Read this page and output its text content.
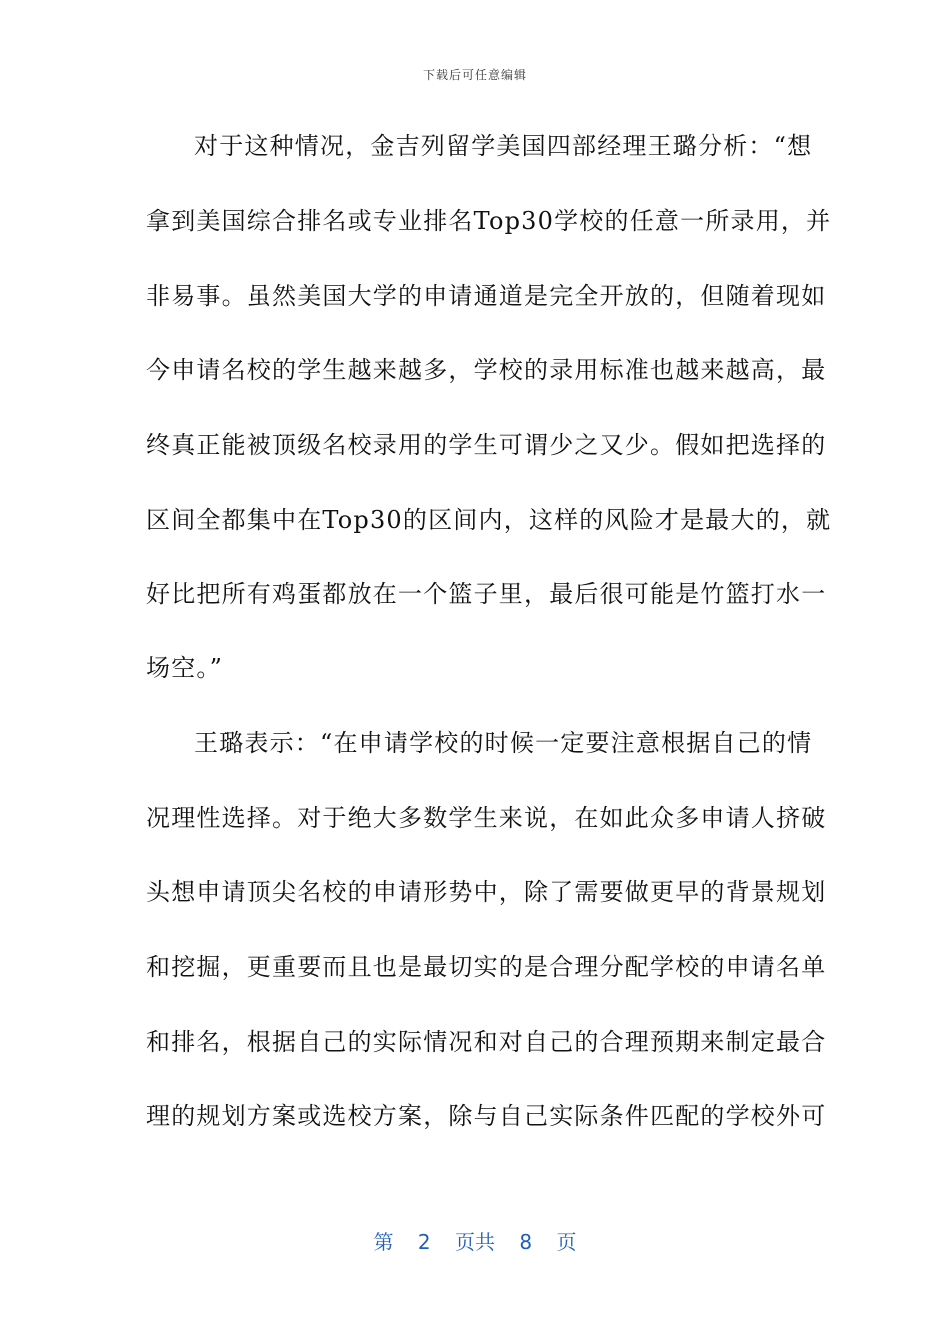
下载后可任意编辑
对于这种情况，金吉列留学美国四部经理王璐分析：“想
拿到美国综合排名或专业排名Top30学校的任意一所录用，并
非易事。虽然美国大学的申请通道是完全开放的，但随着现如
今申请名校的学生越来越多，学校的录用标准也越来越高，最
终真正能被顶级名校录用的学生可谓少之又少。假如把选择的
区间全都集中在Top30的区间内，这样的风险才是最大的，就
好比把所有鸡蛋都放在一个篮子里，最后很可能是竹篮打水一
场空。”
王璐表示：“在申请学校的时候一定要注意根据自己的情
况理性选择。对于绝大多数学生来说，在如此众多申请人挤破
头想申请顶尖名校的申请形势中，除了需要做更早的背景规划
和挖掘，更重要而且也是最切实的是合理分配学校的申请名单
和排名，根据自己的实际情况和对自己的合理预期来制定最合
理的规划方案或选校方案，除与自己实际条件匹配的学校外可
第 2 页共 8 页
